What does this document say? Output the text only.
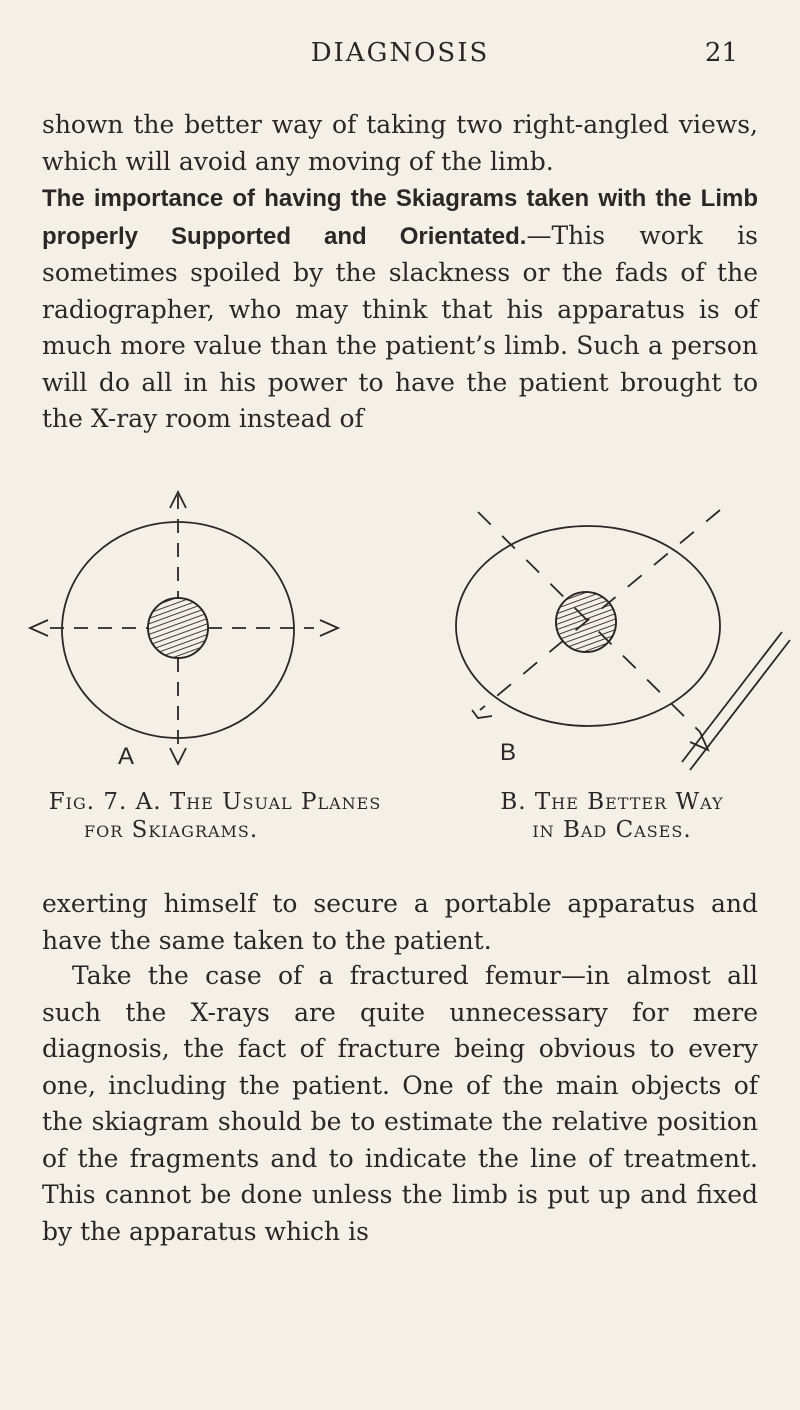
DIAGNOSIS	21

shown the better way of taking two right-angled views, which will avoid any moving of the limb.

The importance of having the Skiagrams taken with the Limb properly Supported and Orientated.—This work is sometimes spoiled by the slackness or the fads of the radiographer, who may think that his apparatus is of much more value than the patient’s limb. Such a person will do all in his power to have the patient brought to the X-ray room instead of

A	B
Fig. 7. A. The Usual Planes
for Skiagrams.
B. The Better Way
in Bad Cases.

exerting himself to secure a portable apparatus and have the same taken to the patient.

Take the case of a fractured femur—in almost all such the X-rays are quite unnecessary for mere diagnosis, the fact of fracture being obvious to every one, including the patient. One of the main objects of the skiagram should be to estimate the relative position of the fragments and to indicate the line of treatment. This cannot be done unless the limb is put up and fixed by the apparatus which is
